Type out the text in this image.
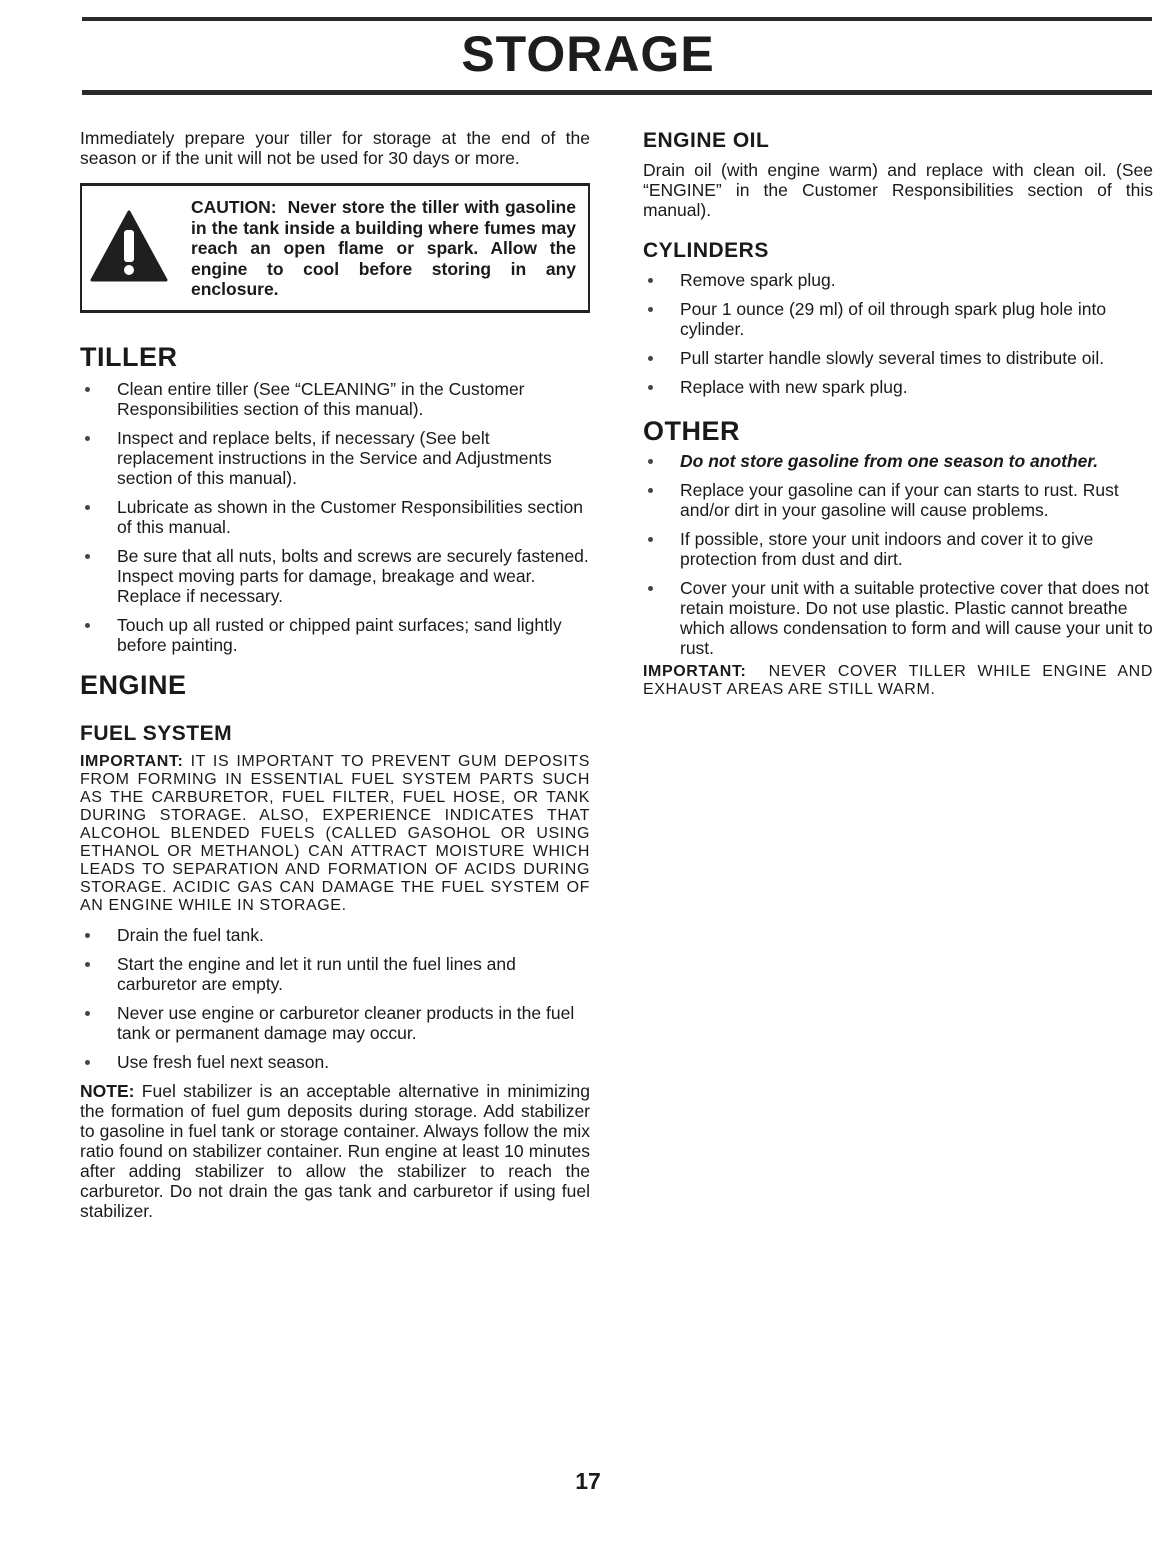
STORAGE

Immediately prepare your tiller for storage at the end of the season or if the unit will not be used for 30 days or more.

CAUTION: Never store the tiller with gasoline in the tank inside a building where fumes may reach an open flame or spark. Allow the engine to cool before storing in any enclosure.
TILLER
Clean entire tiller (See “CLEANING” in the Customer Responsibilities section of this manual).
Inspect and replace belts, if necessary (See belt replacement instructions in the Service and Adjustments section of this manual).
Lubricate as shown in the Customer Responsibilities section of this manual.
Be sure that all nuts, bolts and screws are securely fastened. Inspect moving parts for damage, breakage and wear. Replace if necessary.
Touch up all rusted or chipped paint surfaces; sand lightly before painting.
ENGINE
FUEL SYSTEM

IMPORTANT: IT IS IMPORTANT TO PREVENT GUM DEPOSITS FROM FORMING IN ESSENTIAL FUEL SYSTEM PARTS SUCH AS THE CARBURETOR, FUEL FILTER, FUEL HOSE, OR TANK DURING STORAGE. ALSO, EXPERIENCE INDICATES THAT ALCOHOL BLENDED FUELS (CALLED GASOHOL OR USING ETHANOL OR METHANOL) CAN ATTRACT MOISTURE WHICH LEADS TO SEPARATION AND FORMATION OF ACIDS DURING STORAGE. ACIDIC GAS CAN DAMAGE THE FUEL SYSTEM OF AN ENGINE WHILE IN STORAGE.

Drain the fuel tank.
Start the engine and let it run until the fuel lines and carburetor are empty.
Never use engine or carburetor cleaner products in the fuel tank or permanent damage may occur.
Use fresh fuel next season.

NOTE: Fuel stabilizer is an acceptable alternative in minimizing the formation of fuel gum deposits during storage. Add stabilizer to gasoline in fuel tank or storage container. Always follow the mix ratio found on stabilizer container. Run engine at least 10 minutes after adding stabilizer to allow the stabilizer to reach the carburetor. Do not drain the gas tank and carburetor if using fuel stabilizer.

ENGINE OIL

Drain oil (with engine warm) and replace with clean oil. (See “ENGINE” in the Customer Responsibilities section of this manual).

CYLINDERS
Remove spark plug.
Pour 1 ounce (29 ml) of oil through spark plug hole into cylinder.
Pull starter handle slowly several times to distribute oil.
Replace with new spark plug.
OTHER
Do not store gasoline from one season to another.
Replace your gasoline can if your can starts to rust. Rust and/or dirt in your gasoline will cause problems.
If possible, store your unit indoors and cover it to give protection from dust and dirt.
Cover your unit with a suitable protective cover that does not retain moisture. Do not use plastic. Plastic cannot breathe which allows condensation to form and will cause your unit to rust.

IMPORTANT: NEVER COVER TILLER WHILE ENGINE AND EXHAUST AREAS ARE STILL WARM.

17
